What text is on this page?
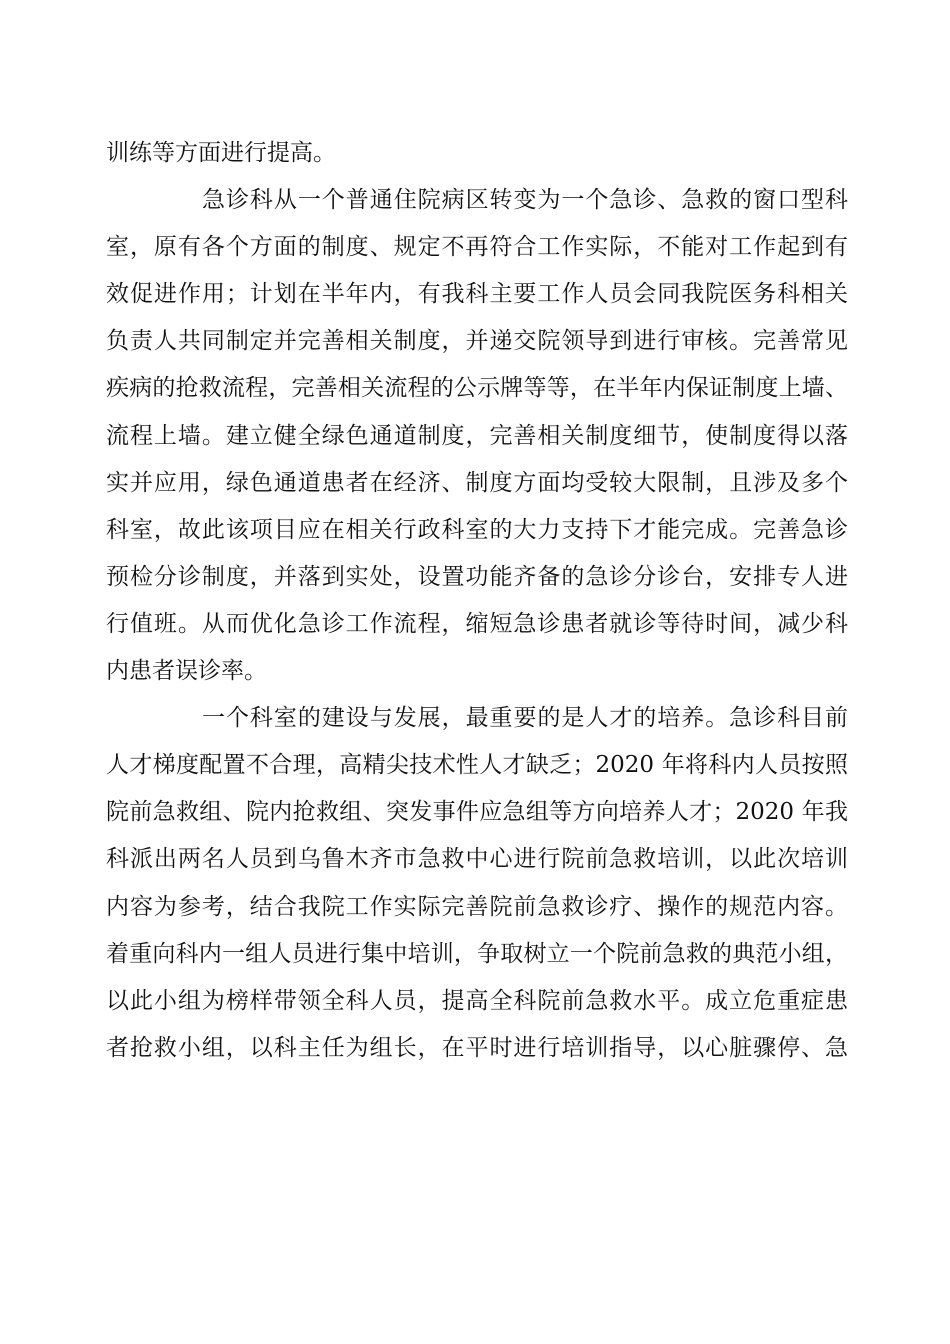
训练等方面进行提高。
急诊科从一个普通住院病区转变为一个急诊、急救的窗口型科
室，原有各个方面的制度、规定不再符合工作实际，不能对工作起到有
效促进作用；计划在半年内，有我科主要工作人员会同我院医务科相关
负责人共同制定并完善相关制度，并递交院领导到进行审核。完善常见
疾病的抢救流程，完善相关流程的公示牌等等，在半年内保证制度上墙、
流程上墙。建立健全绿色通道制度，完善相关制度细节，使制度得以落
实并应用，绿色通道患者在经济、制度方面均受较大限制，且涉及多个
科室，故此该项目应在相关行政科室的大力支持下才能完成。完善急诊
预检分诊制度，并落到实处，设置功能齐备的急诊分诊台，安排专人进
行值班。从而优化急诊工作流程，缩短急诊患者就诊等待时间，减少科
内患者误诊率。
一个科室的建设与发展，最重要的是人才的培养。急诊科目前
人才梯度配置不合理，高精尖技术性人才缺乏；2020 年将科内人员按照
院前急救组、院内抢救组、突发事件应急组等方向培养人才；2020 年我
科派出两名人员到乌鲁木齐市急救中心进行院前急救培训，以此次培训
内容为参考，结合我院工作实际完善院前急救诊疗、操作的规范内容。
着重向科内一组人员进行集中培训，争取树立一个院前急救的典范小组，
以此小组为榜样带领全科人员，提高全科院前急救水平。成立危重症患
者抢救小组，以科主任为组长，在平时进行培训指导，以心脏骤停、急
